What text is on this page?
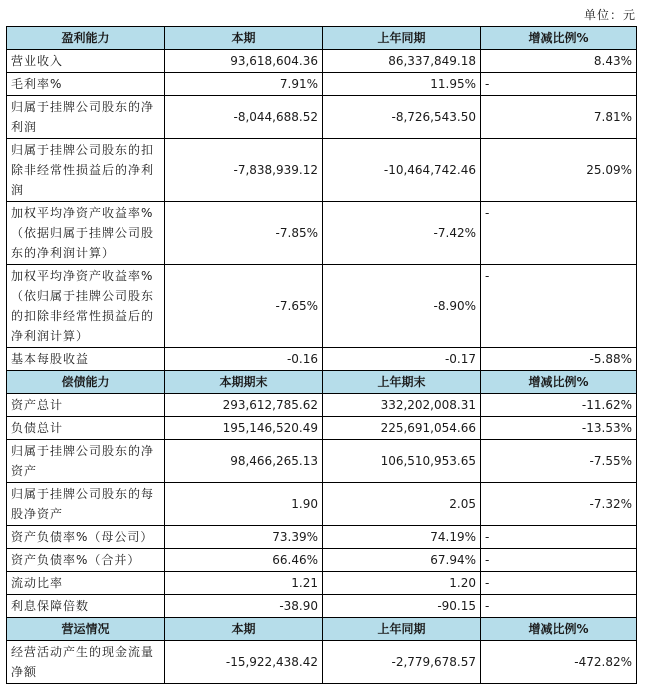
单位：元
盈利能力	本期	上年同期	增减比例%
营业收入	93,618,604.36	86,337,849.18	8.43%
毛利率%	7.91%	11.95%	-
归属于挂牌公司股东的净利润	-8,044,688.52	-8,726,543.50	7.81%
归属于挂牌公司股东的扣除非经常性损益后的净利润	-7,838,939.12	-10,464,742.46	25.09%
加权平均净资产收益率%（依据归属于挂牌公司股东的净利润计算）	-7.85%	-7.42%	-
加权平均净资产收益率%（依归属于挂牌公司股东的扣除非经常性损益后的净利润计算）	-7.65%	-8.90%	-
基本每股收益	-0.16	-0.17	-5.88%
偿债能力	本期期末	上年期末	增减比例%
资产总计	293,612,785.62	332,202,008.31	-11.62%
负债总计	195,146,520.49	225,691,054.66	-13.53%
归属于挂牌公司股东的净资产	98,466,265.13	106,510,953.65	-7.55%
归属于挂牌公司股东的每股净资产	1.90	2.05	-7.32%
资产负债率%（母公司）	73.39%	74.19%	-
资产负债率%（合并）	66.46%	67.94%	-
流动比率	1.21	1.20	-
利息保障倍数	-38.90	-90.15	-
营运情况	本期	上年同期	增减比例%
经营活动产生的现金流量净额	-15,922,438.42	-2,779,678.57	-472.82%
